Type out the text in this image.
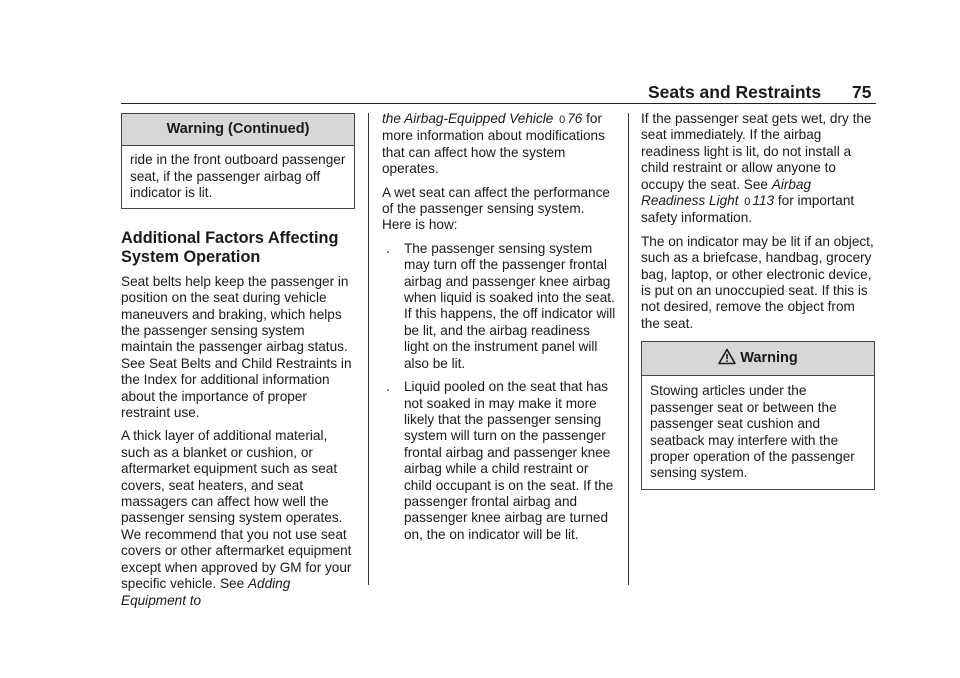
Seats and Restraints 75
Warning (Continued)
ride in the front outboard passenger seat, if the passenger airbag off indicator is lit.
Additional Factors Affecting System Operation

Seat belts help keep the passenger in position on the seat during vehicle maneuvers and braking, which helps the passenger sensing system maintain the passenger airbag status. See Seat Belts and Child Restraints in the Index for additional information about the importance of proper restraint use.

A thick layer of additional material, such as a blanket or cushion, or aftermarket equipment such as seat covers, seat heaters, and seat massagers can affect how well the passenger sensing system operates. We recommend that you not use seat covers or other aftermarket equipment except when approved by GM for your specific vehicle. See Adding Equipment to

the Airbag-Equipped Vehicle 0 76 for more information about modifications that can affect how the system operates.

A wet seat can affect the performance of the passenger sensing system. Here is how:

.	The passenger sensing system may turn off the passenger frontal airbag and passenger knee airbag when liquid is soaked into the seat. If this happens, the off indicator will be lit, and the airbag readiness light on the instrument panel will also be lit.
.	Liquid pooled on the seat that has not soaked in may make it more likely that the passenger sensing system will turn on the passenger frontal airbag and passenger knee airbag while a child restraint or child occupant is on the seat. If the passenger frontal airbag and passenger knee airbag are turned on, the on indicator will be lit.

If the passenger seat gets wet, dry the seat immediately. If the airbag readiness light is lit, do not install a child restraint or allow anyone to occupy the seat. See Airbag Readiness Light 0 113 for important safety information.

The on indicator may be lit if an object, such as a briefcase, handbag, grocery bag, laptop, or other electronic device, is put on an unoccupied seat. If this is not desired, remove the object from the seat.

Warning
Stowing articles under the passenger seat or between the passenger seat cushion and seatback may interfere with the proper operation of the passenger sensing system.
